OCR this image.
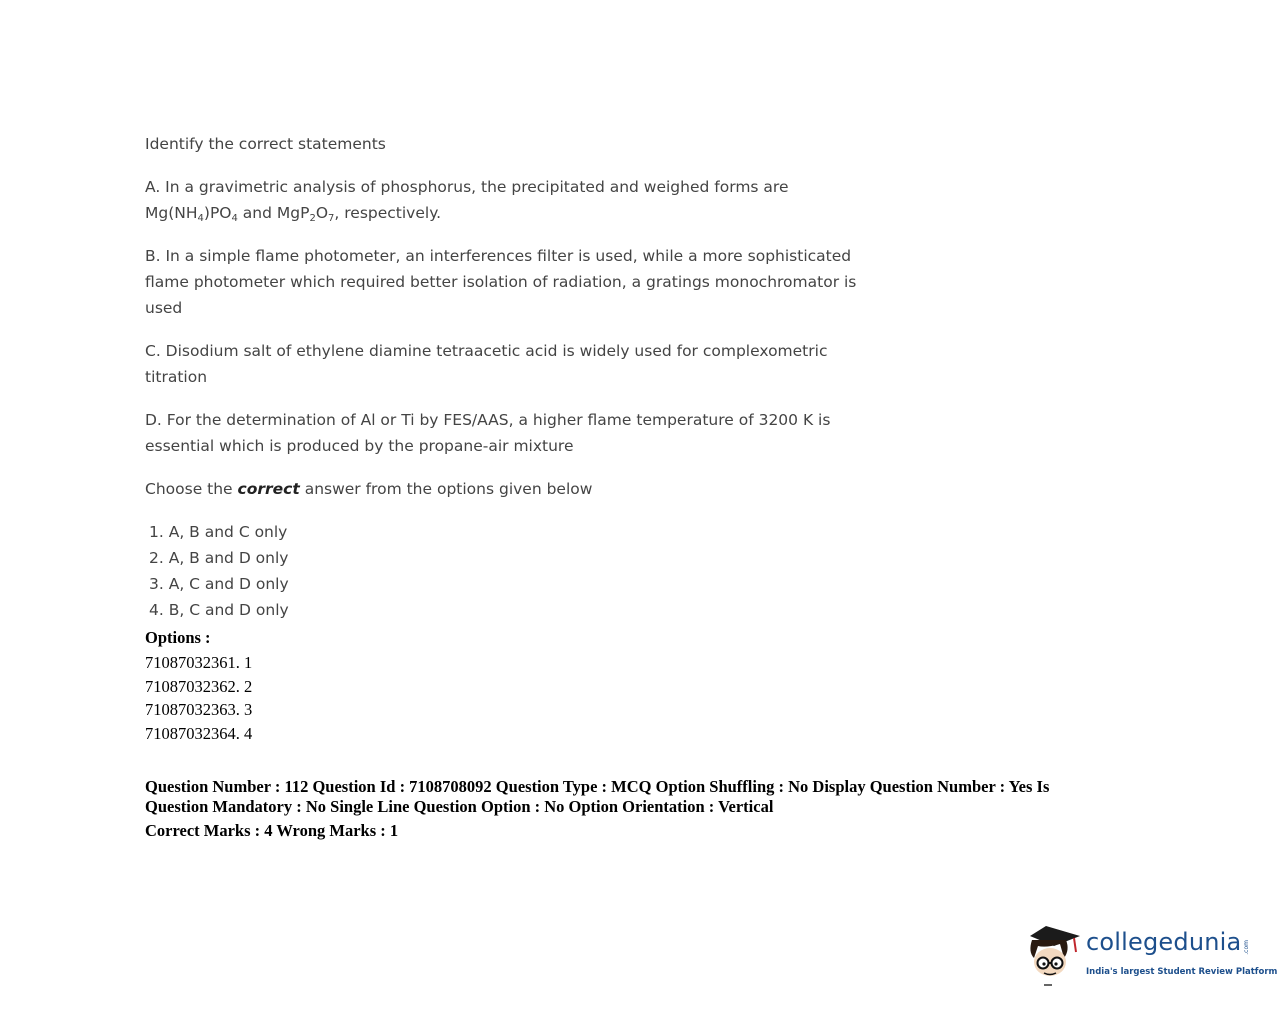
Identify the correct statements

A. In a gravimetric analysis of phosphorus, the precipitated and weighed forms are

$Mg(NH_4)PO_4$ and $MgP_2O_7$, respectively.

B. In a simple flame photometer, an interferences filter is used, while a more sophisticated

flame photometer which required better isolation of radiation, a gratings monochromator is

used

C. Disodium salt of ethylene diamine tetraacetic acid is widely used for complexometric

titration

D. For the determination of Al or Ti by FES/AAS, a higher flame temperature of 3200 K is

essential which is produced by the propane-air mixture

Choose the correct answer from the options given below

1. A, B and C only
2. A, B and D only
3. A, C and D only
4. B, C and D only
Options :
71087032361. 1
71087032362. 2
71087032363. 3
71087032364. 4

Question Number : 112 Question Id : 7108708092 Question Type : MCQ Option Shuffling : No Display Question Number : Yes Is

Question Mandatory : No Single Line Question Option : No Option Orientation : Vertical

Correct Marks : 4 Wrong Marks : 1

collegedunia .com
India's largest Student Review Platform
